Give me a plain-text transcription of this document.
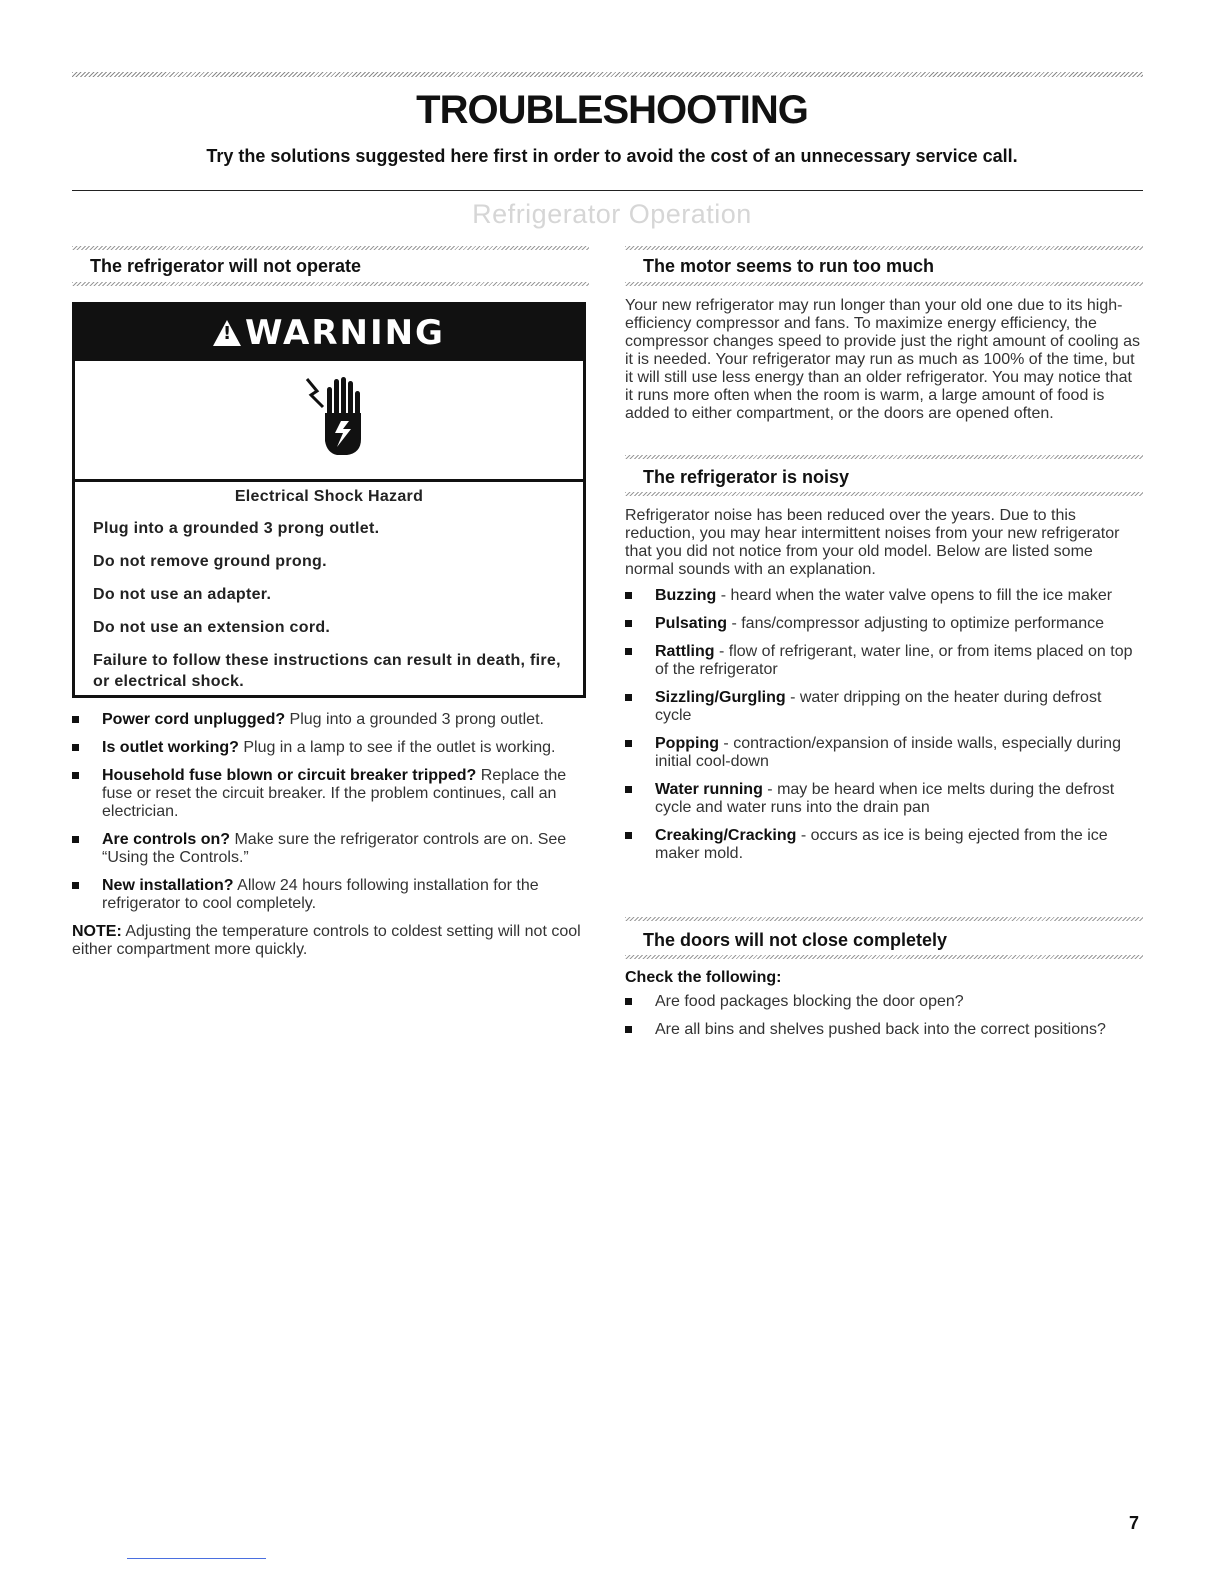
TROUBLESHOOTING
Try the solutions suggested here first in order to avoid the cost of an unnecessary service call.
Refrigerator Operation
The refrigerator will not operate
!
WARNING
Electrical Shock Hazard
Plug into a grounded 3 prong outlet.
Do not remove ground prong.
Do not use an adapter.
Do not use an extension cord.
Failure to follow these instructions can result in death, fire, or electrical shock.
Power cord unplugged? Plug into a grounded 3 prong outlet.
Is outlet working? Plug in a lamp to see if the outlet is working.
Household fuse blown or circuit breaker tripped? Replace the fuse or reset the circuit breaker. If the problem continues, call an electrician.
Are controls on? Make sure the refrigerator controls are on. See “Using the Controls.”
New installation? Allow 24 hours following installation for the refrigerator to cool completely.
NOTE: Adjusting the temperature controls to coldest setting will not cool either compartment more quickly.
The motor seems to run too much
Your new refrigerator may run longer than your old one due to its high-efficiency compressor and fans. To maximize energy efficiency, the compressor changes speed to provide just the right amount of cooling as it is needed. Your refrigerator may run as much as 100% of the time, but it will still use less energy than an older refrigerator. You may notice that it runs more often when the room is warm, a large amount of food is added to either compartment, or the doors are opened often.
The refrigerator is noisy
Refrigerator noise has been reduced over the years. Due to this reduction, you may hear intermittent noises from your new refrigerator that you did not notice from your old model. Below are listed some normal sounds with an explanation.
Buzzing - heard when the water valve opens to fill the ice maker
Pulsating - fans/compressor adjusting to optimize performance
Rattling - flow of refrigerant, water line, or from items placed on top of the refrigerator
Sizzling/Gurgling - water dripping on the heater during defrost cycle
Popping - contraction/expansion of inside walls, especially during initial cool-down
Water running - may be heard when ice melts during the defrost cycle and water runs into the drain pan
Creaking/Cracking - occurs as ice is being ejected from the ice maker mold.
The doors will not close completely
Check the following:
Are food packages blocking the door open?
Are all bins and shelves pushed back into the correct positions?
7
